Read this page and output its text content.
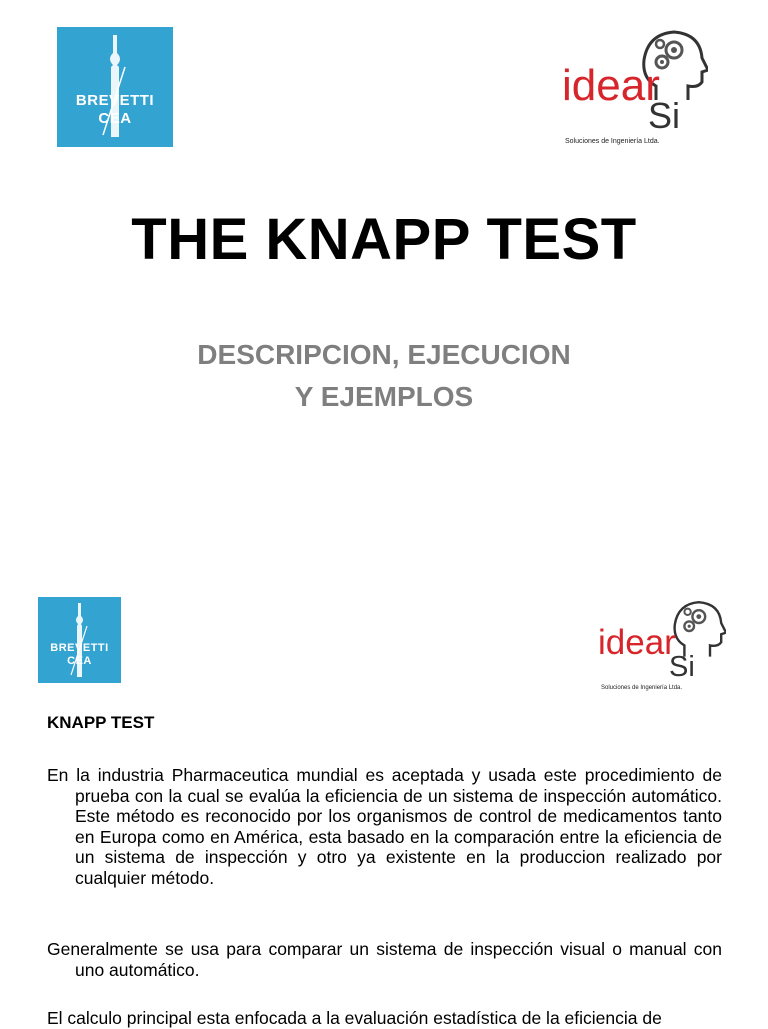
BREVETTI
CEA
idear
Si
Soluciones de Ingeniería Ltda.
THE KNAPP TEST
DESCRIPCION, EJECUCION
Y EJEMPLOS
BREVETTI
CEA	idear
Si
Soluciones de Ingeniería Ltda.
KNAPP TEST

En la industria Pharmaceutica mundial es aceptada y usada este procedimiento de prueba con la cual se evalúa la eficiencia de un sistema de inspección automático. Este método es reconocido por los organismos de control de medicamentos tanto en Europa como en América, esta basado en la comparación entre la eficiencia de un sistema de inspección y otro ya existente en la produccion realizado por cualquier método.

Generalmente se usa para comparar un sistema de inspección visual o manual con uno automático.

El calculo principal esta enfocada a la evaluación estadística de la eficiencia de
